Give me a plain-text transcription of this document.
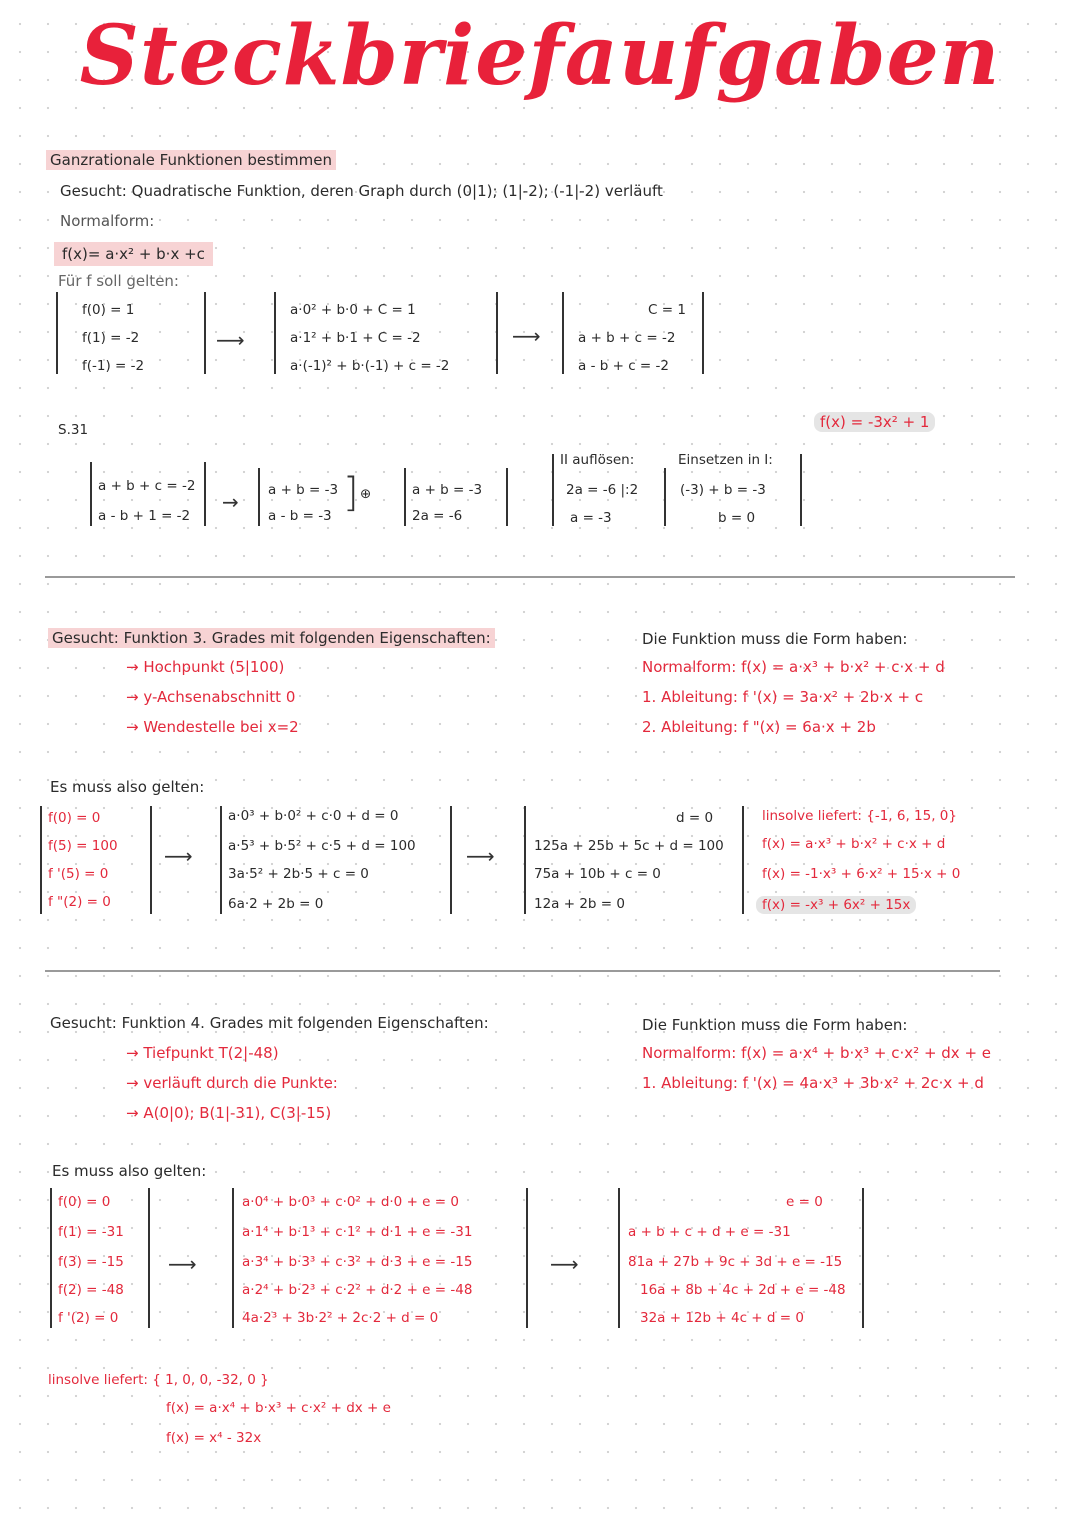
Steckbriefaufgaben
Ganzrationale Funktionen bestimmen
Gesucht: Quadratische Funktion, deren Graph durch (0|1); (1|-2); (-1|-2) verläuft
Normalform:
f(x)= a·x² + b·x +c
Für f soll gelten:
f(0) = 1
f(1) = -2
f(-1) = -2
⟶
a·0² + b·0 + C = 1
a·1² + b·1 + C = -2
a·(-1)² + b·(-1) + c = -2
⟶
C = 1
a + b + c = -2
a - b + c = -2
f(x) = -3x² + 1
S.31
a + b + c = -2
a - b + 1 = -2
→ a + b = -3
a - b = -3 ] ⊕	a + b = -3
2a = -6
II auflösen:
2a = -6 |:2
a = -3
Einsetzen in I:
(-3) + b = -3
b = 0
Gesucht: Funktion 3. Grades mit folgenden Eigenschaften:
→ Hochpunkt (5|100)
→ y-Achsenabschnitt 0
→ Wendestelle bei x=2
Die Funktion muss die Form haben:
Normalform: f(x) = a·x³ + b·x² + c·x + d
1. Ableitung: f '(x) = 3a·x² + 2b·x + c
2. Ableitung: f "(x) = 6a·x + 2b
Es muss also gelten:
f(0) = 0
f(5) = 100
f '(5) = 0
f "(2) = 0
⟶
a·0³ + b·0² + c·0 + d = 0
a·5³ + b·5² + c·5 + d = 100
3a·5² + 2b·5 + c = 0
6a·2 + 2b = 0
⟶
d = 0
125a + 25b + 5c + d = 100
75a + 10b + c = 0
12a + 2b = 0
linsolve liefert: {-1, 6, 15, 0}
f(x) = a·x³ + b·x² + c·x + d
f(x) = -1·x³ + 6·x² + 15·x + 0
f(x) = -x³ + 6x² + 15x
Gesucht: Funktion 4. Grades mit folgenden Eigenschaften:
→ Tiefpunkt T(2|-48)
→ verläuft durch die Punkte:
→ A(0|0); B(1|-31), C(3|-15)
Die Funktion muss die Form haben:
Normalform: f(x) = a·x⁴ + b·x³ + c·x² + dx + e
1. Ableitung: f '(x) = 4a·x³ + 3b·x² + 2c·x + d
Es muss also gelten:
f(0) = 0
f(1) = -31
f(3) = -15
f(2) = -48
f '(2) = 0
⟶
a·0⁴ + b·0³ + c·0² + d·0 + e = 0
a·1⁴ + b·1³ + c·1² + d·1 + e = -31
a·3⁴ + b·3³ + c·3² + d·3 + e = -15
a·2⁴ + b·2³ + c·2² + d·2 + e = -48
4a·2³ + 3b·2² + 2c·2 + d = 0
⟶
e = 0
a + b + c + d + e = -31
81a + 27b + 9c + 3d + e = -15
16a + 8b + 4c + 2d + e = -48
32a + 12b + 4c + d = 0
linsolve liefert: { 1, 0, 0, -32, 0 }
f(x) = a·x⁴ + b·x³ + c·x² + dx + e
f(x) = x⁴ - 32x
